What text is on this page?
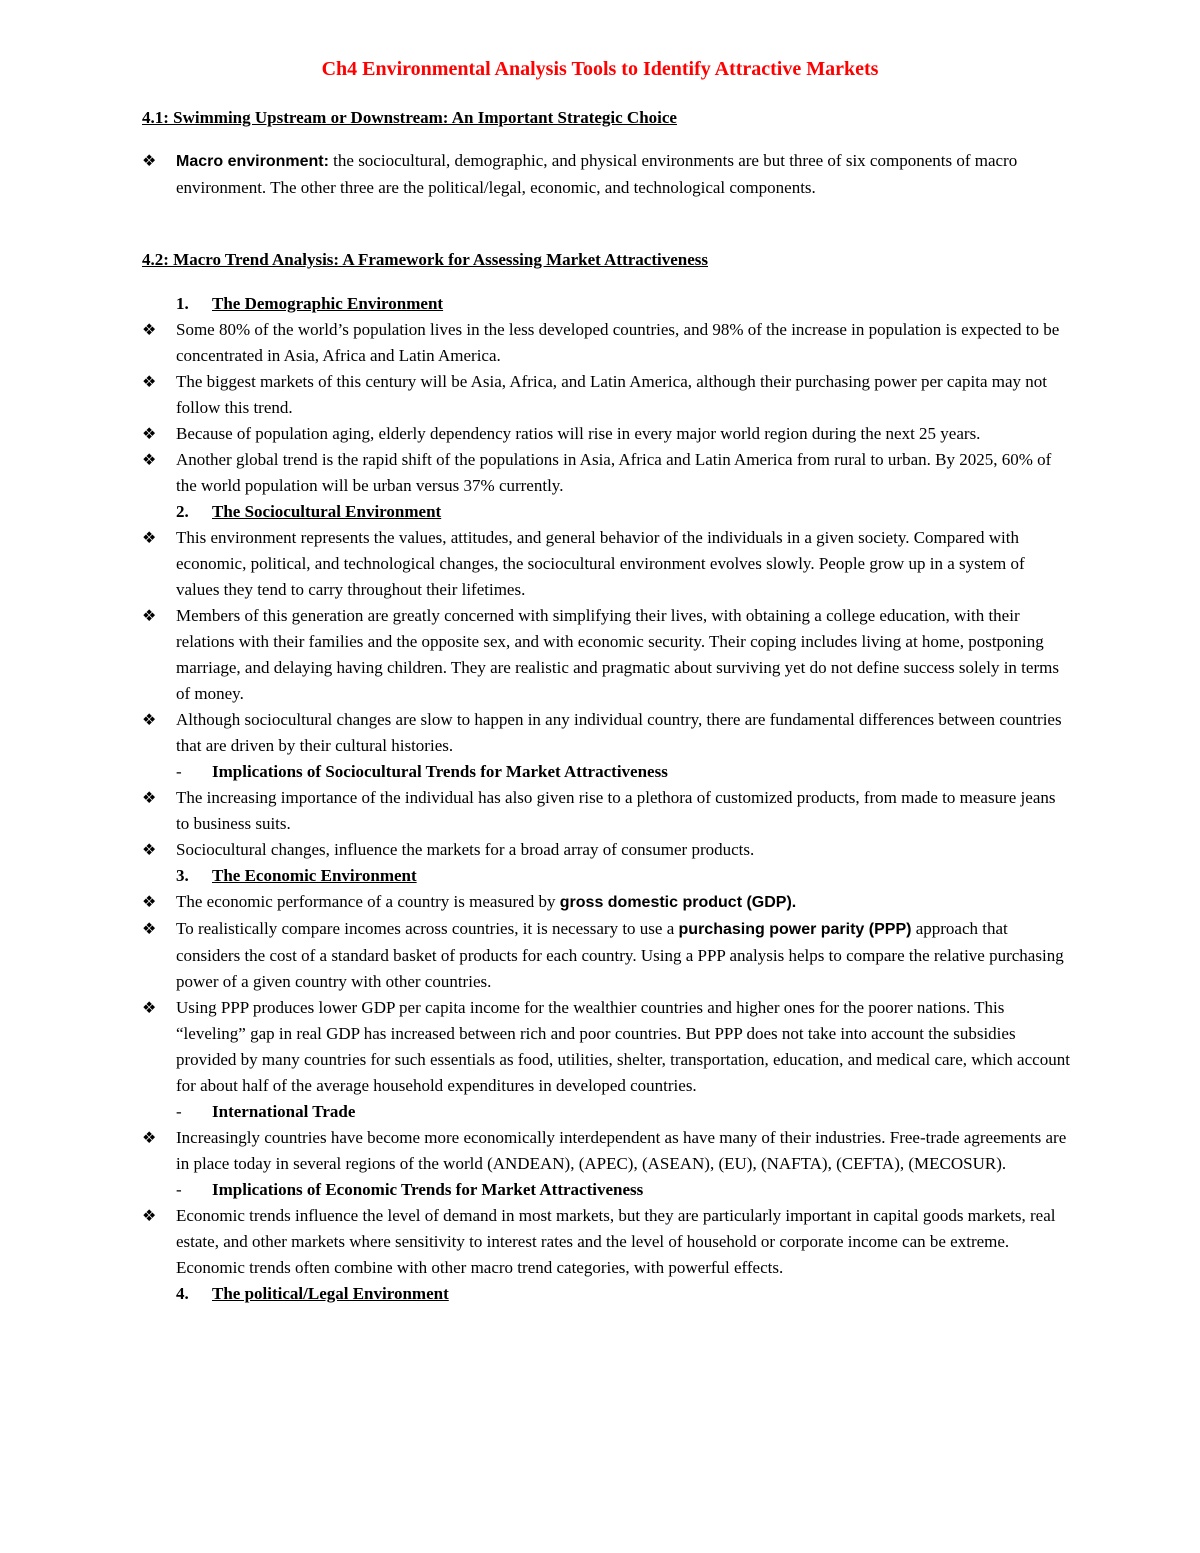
Ch4 Environmental Analysis Tools to Identify Attractive Markets
4.1: Swimming Upstream or Downstream: An Important Strategic Choice
❖	Macro environment: the sociocultural, demographic, and physical environments are but three of six components of macro environment. The other three are the political/legal, economic, and technological components.
4.2: Macro Trend Analysis: A Framework for Assessing Market Attractiveness
1. The Demographic Environment
❖	Some 80% of the world’s population lives in the less developed countries, and 98% of the increase in population is expected to be concentrated in Asia, Africa and Latin America.
❖	The biggest markets of this century will be Asia, Africa, and Latin America, although their purchasing power per capita may not follow this trend.
❖	Because of population aging, elderly dependency ratios will rise in every major world region during the next 25 years.
❖	Another global trend is the rapid shift of the populations in Asia, Africa and Latin America from rural to urban. By 2025, 60% of the world population will be urban versus 37% currently.
2. The Sociocultural Environment
❖	This environment represents the values, attitudes, and general behavior of the individuals in a given society. Compared with economic, political, and technological changes, the sociocultural environment evolves slowly. People grow up in a system of values they tend to carry throughout their lifetimes.
❖	Members of this generation are greatly concerned with simplifying their lives, with obtaining a college education, with their relations with their families and the opposite sex, and with economic security. Their coping includes living at home, postponing marriage, and delaying having children. They are realistic and pragmatic about surviving yet do not define success solely in terms of money.
❖	Although sociocultural changes are slow to happen in any individual country, there are fundamental differences between countries that are driven by their cultural histories.
- Implications of Sociocultural Trends for Market Attractiveness
❖	The increasing importance of the individual has also given rise to a plethora of customized products, from made to measure jeans to business suits.
❖	Sociocultural changes, influence the markets for a broad array of consumer products.
3. The Economic Environment
❖	The economic performance of a country is measured by gross domestic product (GDP).
❖	To realistically compare incomes across countries, it is necessary to use a purchasing power parity (PPP) approach that considers the cost of a standard basket of products for each country. Using a PPP analysis helps to compare the relative purchasing power of a given country with other countries.
❖	Using PPP produces lower GDP per capita income for the wealthier countries and higher ones for the poorer nations. This “leveling” gap in real GDP has increased between rich and poor countries. But PPP does not take into account the subsidies provided by many countries for such essentials as food, utilities, shelter, transportation, education, and medical care, which account for about half of the average household expenditures in developed countries.
- International Trade
❖	Increasingly countries have become more economically interdependent as have many of their industries. Free-trade agreements are in place today in several regions of the world (ANDEAN), (APEC), (ASEAN), (EU), (NAFTA), (CEFTA), (MECOSUR).
- Implications of Economic Trends for Market Attractiveness
❖	Economic trends influence the level of demand in most markets, but they are particularly important in capital goods markets, real estate, and other markets where sensitivity to interest rates and the level of household or corporate income can be extreme. Economic trends often combine with other macro trend categories, with powerful effects.
4. The political/Legal Environment
